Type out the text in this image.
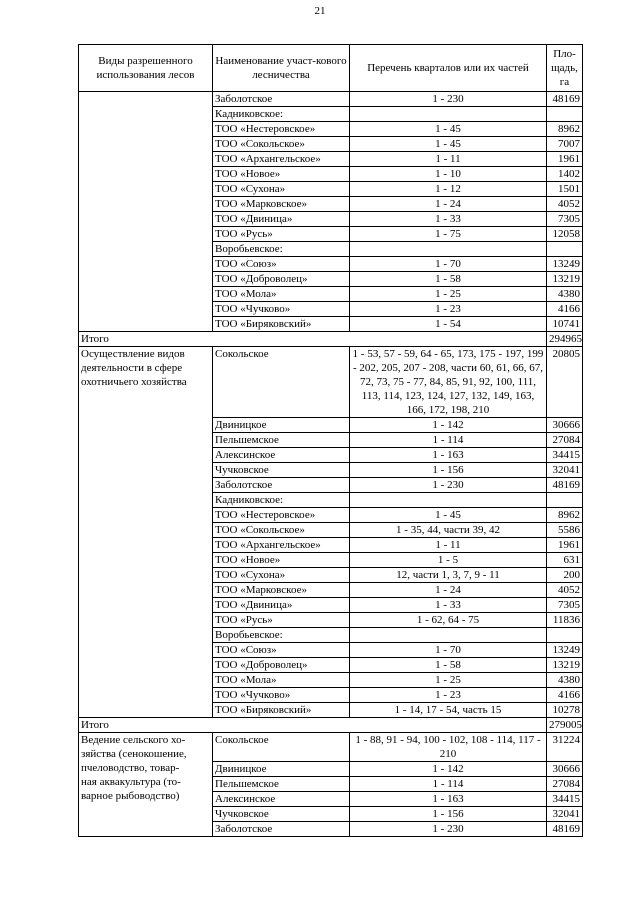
21
Виды разрешенного использования лесов	Наименование участ-кового лесничества	Перечень кварталов или их частей	Пло-щадь, га
	Заболотское	1 - 230	48169
	Кадниковское:		
	ТОО «Нестеровское»	1 - 45	8962
	ТОО «Сокольское»	1 - 45	7007
	ТОО «Архангельское»	1 - 11	1961
	ТОО «Новое»	1 - 10	1402
	ТОО «Сухона»	1 - 12	1501
	ТОО «Марковское»	1 - 24	4052
	ТОО «Двиница»	1 - 33	7305
	ТОО «Русь»	1 - 75	12058
	Воробьевское:		
	ТОО «Союз»	1 - 70	13249
	ТОО «Доброволец»	1 - 58	13219
	ТОО «Мола»	1 - 25	4380
	ТОО «Чучково»	1 - 23	4166
	ТОО «Биряковский»	1 - 54	10741
Итого			294965

Осуществление видов
деятельности в сфере
охотничьего хозяйства	Сокольское	1 - 53, 57 - 59, 64 - 65, 173, 175 - 197, 199 - 202, 205, 207 - 208, части 60, 61, 66, 67, 72, 73, 75 - 77, 84, 85, 91, 92, 100, 111, 113, 114, 123, 124, 127, 132, 149, 163, 166, 172, 198, 210	20805
	Двиницкое	1 - 142	30666
	Пельшемское	1 - 114	27084
	Алексинское	1 - 163	34415
	Чучковское	1 - 156	32041
	Заболотское	1 - 230	48169
	Кадниковское:		
	ТОО «Нестеровское»	1 - 45	8962
	ТОО «Сокольское»	1 - 35, 44, части 39, 42	5586
	ТОО «Архангельское»	1 - 11	1961
	ТОО «Новое»	1 - 5	631
	ТОО «Сухона»	12, части 1, 3, 7, 9 - 11	200
	ТОО «Марковское»	1 - 24	4052
	ТОО «Двиница»	1 - 33	7305
	ТОО «Русь»	1 - 62, 64 - 75	11836
	Воробьевское:		
	ТОО «Союз»	1 - 70	13249
	ТОО «Доброволец»	1 - 58	13219
	ТОО «Мола»	1 - 25	4380
	ТОО «Чучково»	1 - 23	4166
	ТОО «Биряковский»	1 - 14, 17 - 54, часть 15	10278
Итого			279005

Ведение сельского хо-
зяйства (сенокошение,
пчеловодство, товар-
ная аквакультура (то-
варное рыбоводство)	Сокольское	1 - 88, 91 - 94, 100 - 102, 108 - 114, 117 - 210	31224
	Двиницкое	1 - 142	30666
	Пельшемское	1 - 114	27084
	Алексинское	1 - 163	34415
	Чучковское	1 - 156	32041
	Заболотское	1 - 230	48169
